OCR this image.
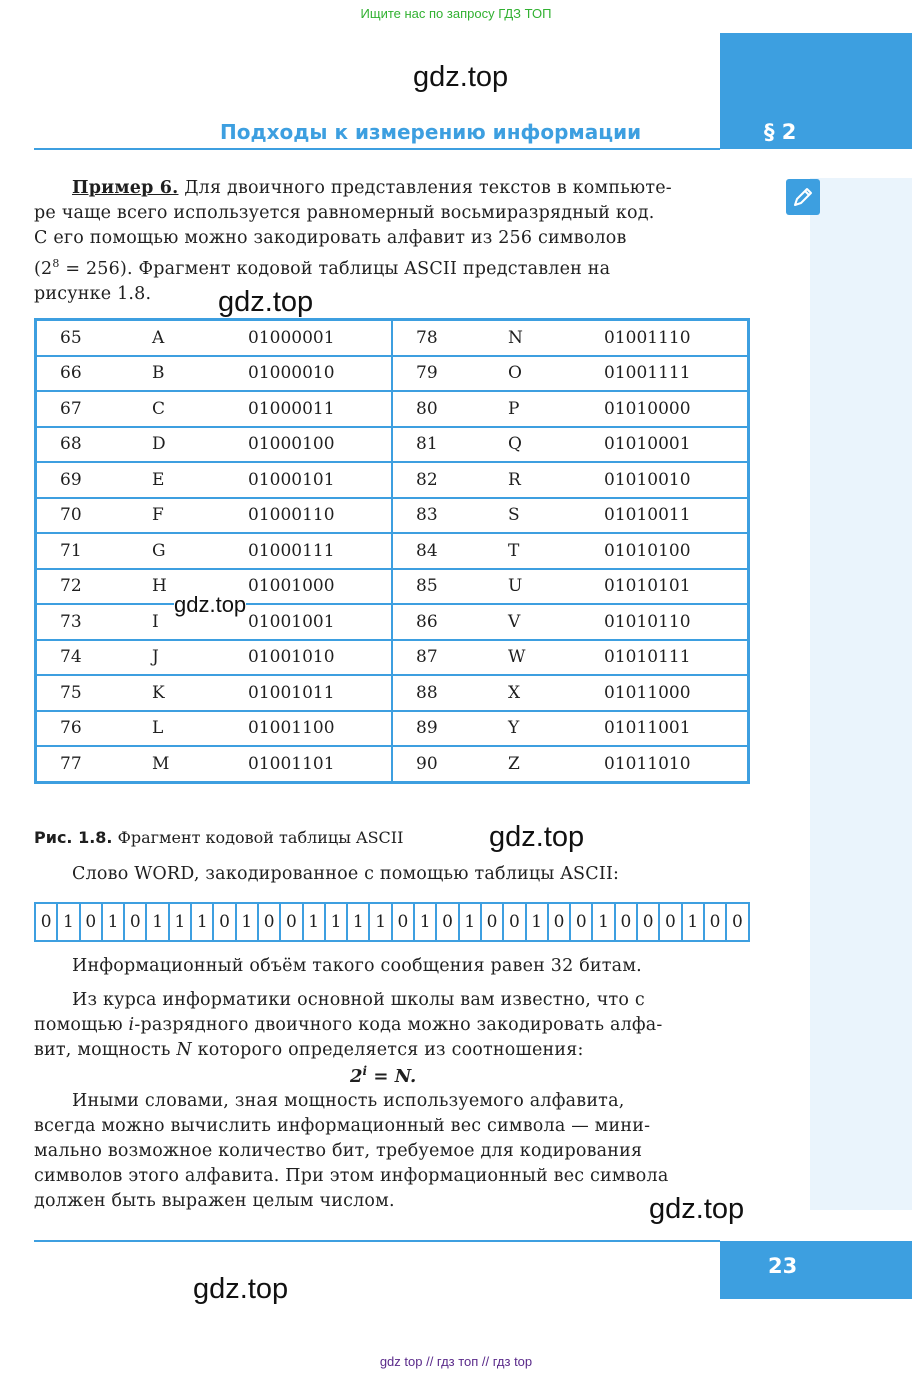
Ищите нас по запросу ГДЗ ТОП
§ 2
Подходы к измерению информации
gdz.top
gdz.top
Пример 6. Для двоичного представления текстов в компьюте-
ре чаще всего используется равномерный восьмиразрядный код.
С его помощью можно закодировать алфавит из 256 символов
$(2^8 = 256)$. Фрагмент кодовой таблицы ASCII представлен на
рисунке 1.8.
65 A 01000001	78 N 01001110
66 B 01000010	79 O 01001111
67 C 01000011	80 P 01010000
68 D 01000100	81 Q 01010001
69 E 01000101	82 R 01010010
70 F 01000110	83 S 01010011
71 G 01000111	84 T 01010100
72 H 01001000	85 U 01010101
73 I 01001001	86 V 01010110
74 J 01001010	87 W 01010111
75 K 01001011	88 X 01011000
76 L 01001100	89 Y 01011001
77 M 01001101	90 Z 01011010
gdz.top
Рис. 1.8. Фрагмент кодовой таблицы ASCII	gdz.top
Слово WORD, закодированное с помощью таблицы ASCII:
0 1 0 1 0 1 1 1 0 1 0 0 1 1 1 1 0 1 0 1 0 0 1 0 0 1 0 0 0 1 0 0
Информационный объём такого сообщения равен 32 битам.
Из курса информатики основной школы вам известно, что с
помощью i-разрядного двоичного кода можно закодировать алфа-
вит, мощность N которого определяется из соотношения:
$2^i = N$.
Иными словами, зная мощность используемого алфавита,
всегда можно вычислить информационный вес символа — мини-
мально возможное количество бит, требуемое для кодирования
символов этого алфавита. При этом информационный вес символа
должен быть выражен целым числом.	gdz.top
23
gdz.top
gdz top // гдз топ // гдз top
